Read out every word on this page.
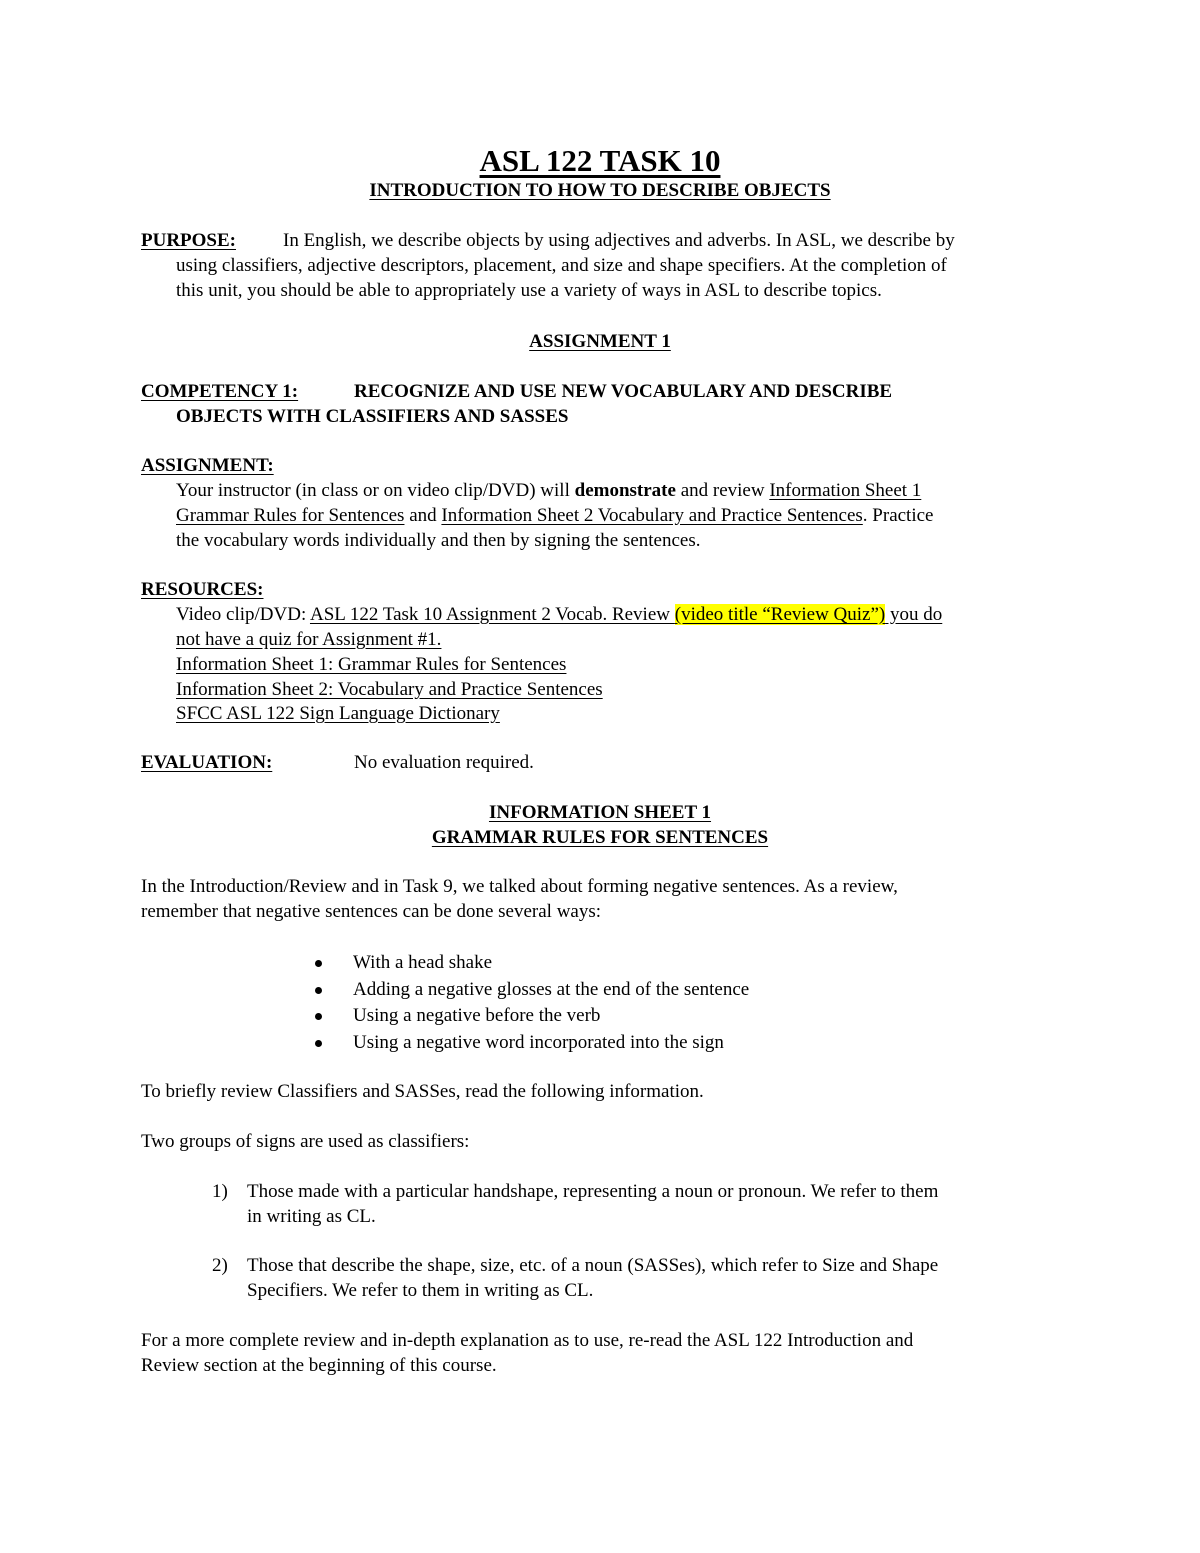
ASL 122 TASK 10
INTRODUCTION TO HOW TO DESCRIBE OBJECTS
PURPOSE: In English, we describe objects by using adjectives and adverbs. In ASL, we describe by
using classifiers, adjective descriptors, placement, and size and shape specifiers. At the completion of
this unit, you should be able to appropriately use a variety of ways in ASL to describe topics.
ASSIGNMENT 1
COMPETENCY 1:	RECOGNIZE AND USE NEW VOCABULARY AND DESCRIBE
OBJECTS WITH CLASSIFIERS AND SASSES
ASSIGNMENT:
Your instructor (in class or on video clip/DVD) will demonstrate and review Information Sheet 1
Grammar Rules for Sentences and Information Sheet 2 Vocabulary and Practice Sentences. Practice
the vocabulary words individually and then by signing the sentences.
RESOURCES:
Video clip/DVD: ASL 122 Task 10 Assignment 2 Vocab. Review (video title “Review Quiz”) you do
not have a quiz for Assignment #1.
Information Sheet 1: Grammar Rules for Sentences
Information Sheet 2: Vocabulary and Practice Sentences
SFCC ASL 122 Sign Language Dictionary
EVALUATION:	No evaluation required.
INFORMATION SHEET 1
GRAMMAR RULES FOR SENTENCES
In the Introduction/Review and in Task 9, we talked about forming negative sentences. As a review,
remember that negative sentences can be done several ways:
With a head shake
Adding a negative glosses at the end of the sentence
Using a negative before the verb
Using a negative word incorporated into the sign
To briefly review Classifiers and SASSes, read the following information.
Two groups of signs are used as classifiers:
1) Those made with a particular handshape, representing a noun or pronoun. We refer to them
in writing as CL.
2) Those that describe the shape, size, etc. of a noun (SASSes), which refer to Size and Shape
Specifiers. We refer to them in writing as CL.
For a more complete review and in-depth explanation as to use, re-read the ASL 122 Introduction and
Review section at the beginning of this course.
